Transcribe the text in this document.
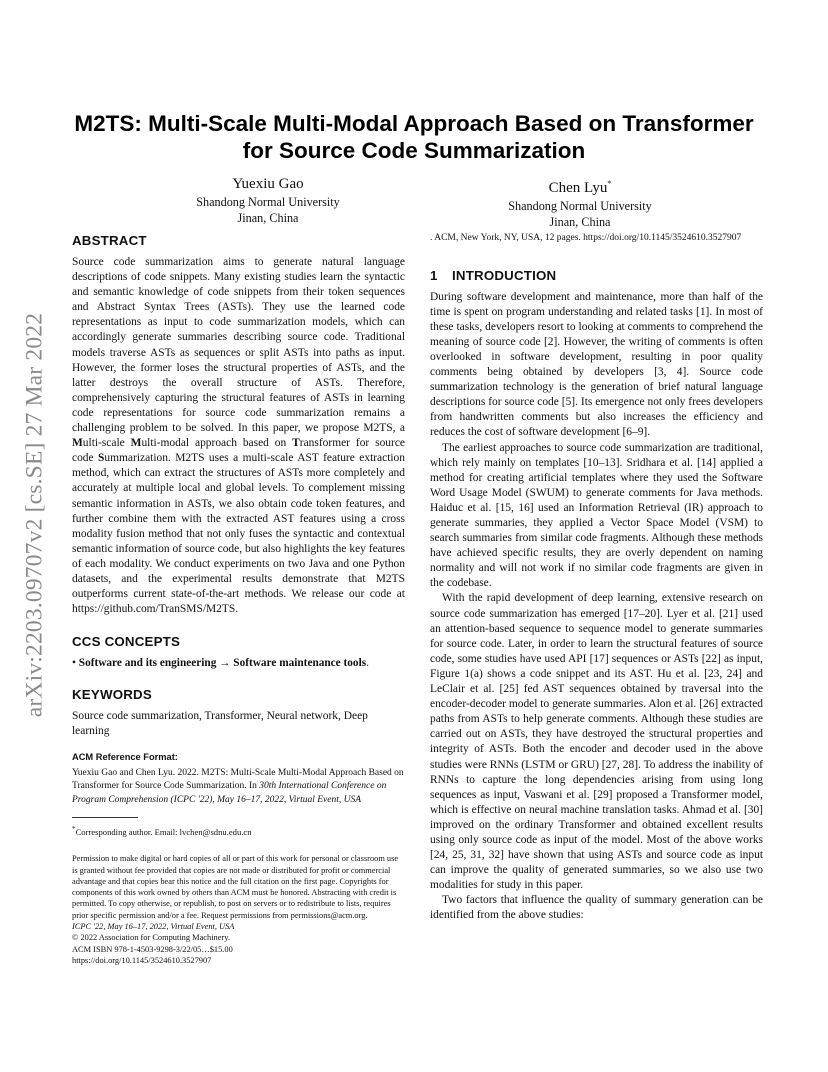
arXiv:2203.09707v2 [cs.SE] 27 Mar 2022
M2TS: Multi-Scale Multi-Modal Approach Based on Transformer
for Source Code Summarization
Yuexiu Gao
Shandong Normal University
Jinan, China
Chen Lyu*
Shandong Normal University
Jinan, China
ABSTRACT

Source code summarization aims to generate natural language descriptions of code snippets. Many existing studies learn the syntactic and semantic knowledge of code snippets from their token sequences and Abstract Syntax Trees (ASTs). They use the learned code representations as input to code summarization models, which can accordingly generate summaries describing source code. Traditional models traverse ASTs as sequences or split ASTs into paths as input. However, the former loses the structural properties of ASTs, and the latter destroys the overall structure of ASTs. Therefore, comprehensively capturing the structural features of ASTs in learning code representations for source code summarization remains a challenging problem to be solved. In this paper, we propose M2TS, a Multi-scale Multi-modal approach based on Transformer for source code Summarization. M2TS uses a multi-scale AST feature extraction method, which can extract the structures of ASTs more completely and accurately at multiple local and global levels. To complement missing semantic information in ASTs, we also obtain code token features, and further combine them with the extracted AST features using a cross modality fusion method that not only fuses the syntactic and contextual semantic information of source code, but also highlights the key features of each modality. We conduct experiments on two Java and one Python datasets, and the experimental results demonstrate that M2TS outperforms current state-of-the-art methods. We release our code at https://github.com/TranSMS/M2TS.

CCS CONCEPTS

• Software and its engineering → Software maintenance tools.

KEYWORDS

Source code summarization, Transformer, Neural network, Deep learning

ACM Reference Format:
Yuexiu Gao and Chen Lyu. 2022. M2TS: Multi-Scale Multi-Modal Approach Based on Transformer for Source Code Summarization. In 30th International Conference on Program Comprehension (ICPC '22), May 16–17, 2022, Virtual Event, USA
*Corresponding author. Email: lvchen@sdnu.edu.cn
Permission to make digital or hard copies of all or part of this work for personal or classroom use is granted without fee provided that copies are not made or distributed for profit or commercial advantage and that copies bear this notice and the full citation on the first page. Copyrights for components of this work owned by others than ACM must be honored. Abstracting with credit is permitted. To copy otherwise, or republish, to post on servers or to redistribute to lists, requires prior specific permission and/or a fee. Request permissions from permissions@acm.org.
ICPC '22, May 16–17, 2022, Virtual Event, USA
© 2022 Association for Computing Machinery.
ACM ISBN 978-1-4503-9298-3/22/05…$15.00
https://doi.org/10.1145/3524610.3527907

. ACM, New York, NY, USA, 12 pages. https://doi.org/10.1145/3524610.3527907

1 INTRODUCTION

During software development and maintenance, more than half of the time is spent on program understanding and related tasks [1]. In most of these tasks, developers resort to looking at comments to comprehend the meaning of source code [2]. However, the writing of comments is often overlooked in software development, resulting in poor quality comments being obtained by developers [3, 4]. Source code summarization technology is the generation of brief natural language descriptions for source code [5]. Its emergence not only frees developers from handwritten comments but also increases the efficiency and reduces the cost of software development [6–9].

The earliest approaches to source code summarization are traditional, which rely mainly on templates [10–13]. Sridhara et al. [14] applied a method for creating artificial templates where they used the Software Word Usage Model (SWUM) to generate comments for Java methods. Haiduc et al. [15, 16] used an Information Retrieval (IR) approach to generate summaries, they applied a Vector Space Model (VSM) to search summaries from similar code fragments. Although these methods have achieved specific results, they are overly dependent on naming normality and will not work if no similar code fragments are given in the codebase.

With the rapid development of deep learning, extensive research on source code summarization has emerged [17–20]. Lyer et al. [21] used an attention-based sequence to sequence model to generate summaries for source code. Later, in order to learn the structural features of source code, some studies have used API [17] sequences or ASTs [22] as input, Figure 1(a) shows a code snippet and its AST. Hu et al. [23, 24] and LeClair et al. [25] fed AST sequences obtained by traversal into the encoder-decoder model to generate summaries. Alon et al. [26] extracted paths from ASTs to help generate comments. Although these studies are carried out on ASTs, they have destroyed the structural properties and integrity of ASTs. Both the encoder and decoder used in the above studies were RNNs (LSTM or GRU) [27, 28]. To address the inability of RNNs to capture the long dependencies arising from using long sequences as input, Vaswani et al. [29] proposed a Transformer model, which is effective on neural machine translation tasks. Ahmad et al. [30] improved on the ordinary Transformer and obtained excellent results using only source code as input of the model. Most of the above works [24, 25, 31, 32] have shown that using ASTs and source code as input can improve the quality of generated summaries, so we also use two modalities for study in this paper.

Two factors that influence the quality of summary generation can be identified from the above studies:
